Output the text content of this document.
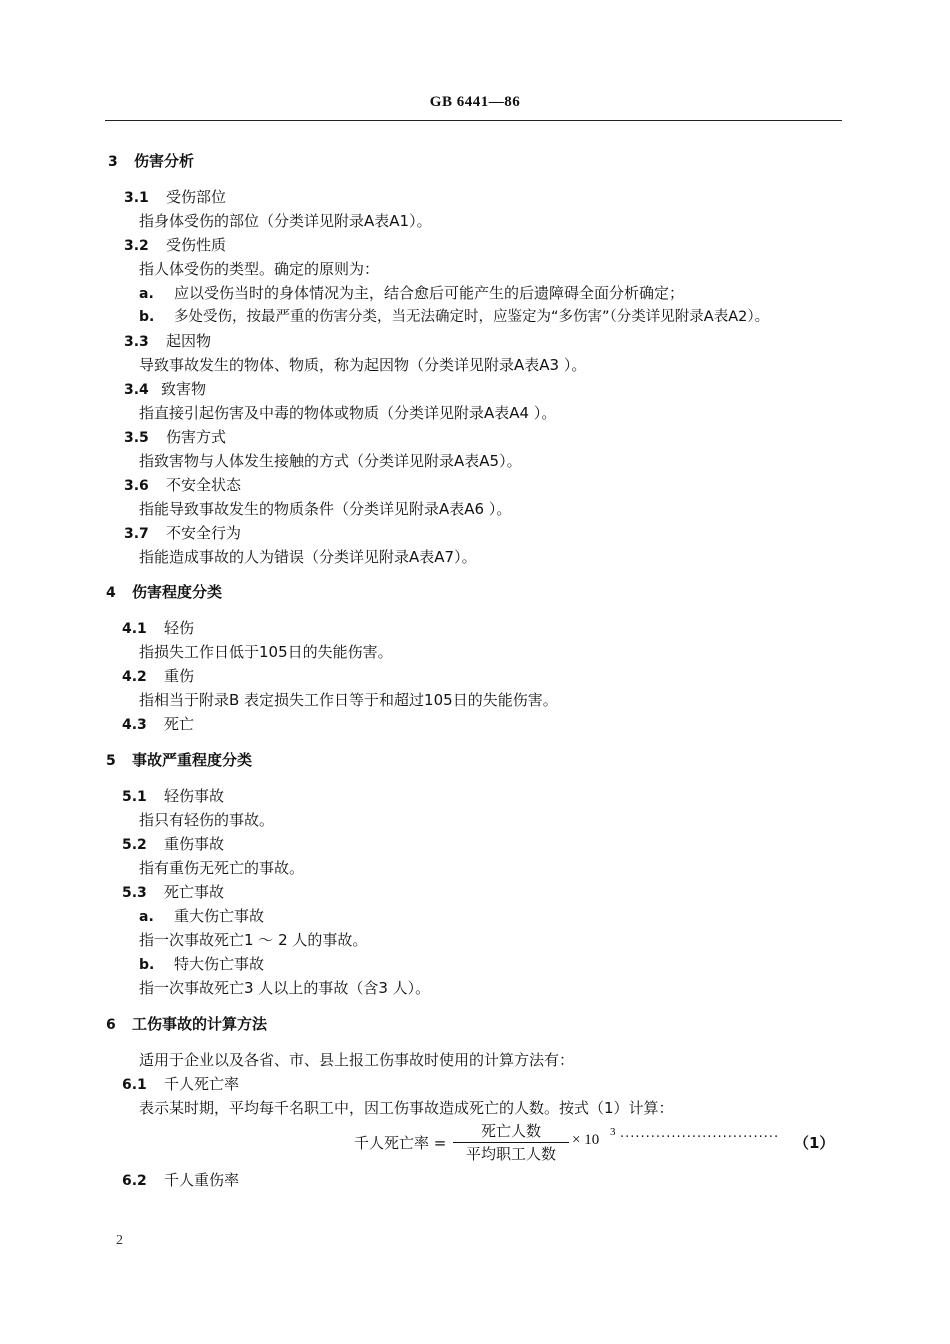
GB 6441—86
3 伤害分析
3.1 受伤部位
指身体受伤的部位（分类详见附录A表A1）。
3.2 受伤性质
指人体受伤的类型。确定的原则为：
a. 应以受伤当时的身体情况为主，结合愈后可能产生的后遗障碍全面分析确定；
b. 多处受伤，按最严重的伤害分类，当无法确定时，应鉴定为“多伤害”（分类详见附录A表A2）。
3.3 起因物
导致事故发生的物体、物质，称为起因物（分类详见附录A表A3 ）。
3.4 致害物
指直接引起伤害及中毒的物体或物质（分类详见附录A表A4 ）。
3.5 伤害方式
指致害物与人体发生接触的方式（分类详见附录A表A5）。
3.6 不安全状态
指能导致事故发生的物质条件（分类详见附录A表A6 ）。
3.7 不安全行为
指能造成事故的人为错误（分类详见附录A表A7）。
4 伤害程度分类
4.1 轻伤
指损失工作日低于105日的失能伤害。
4.2 重伤
指相当于附录B 表定损失工作日等于和超过105日的失能伤害。
4.3 死亡
5 事故严重程度分类
5.1 轻伤事故
指只有轻伤的事故。
5.2 重伤事故
指有重伤无死亡的事故。
5.3 死亡事故
a. 重大伤亡事故
指一次事故死亡1 ～ 2 人的事故。
b. 特大伤亡事故
指一次事故死亡3 人以上的事故（含3 人）。
6 工伤事故的计算方法
适用于企业以及各省、市、县上报工伤事故时使用的计算方法有：
6.1 千人死亡率
表示某时期，平均每千名职工中，因工伤事故造成死亡的人数。按式（1）计算：
千人死亡率 =
死亡人数
平均职工人数
× 10 3 ······························· （1）
6.2 千人重伤率
2
